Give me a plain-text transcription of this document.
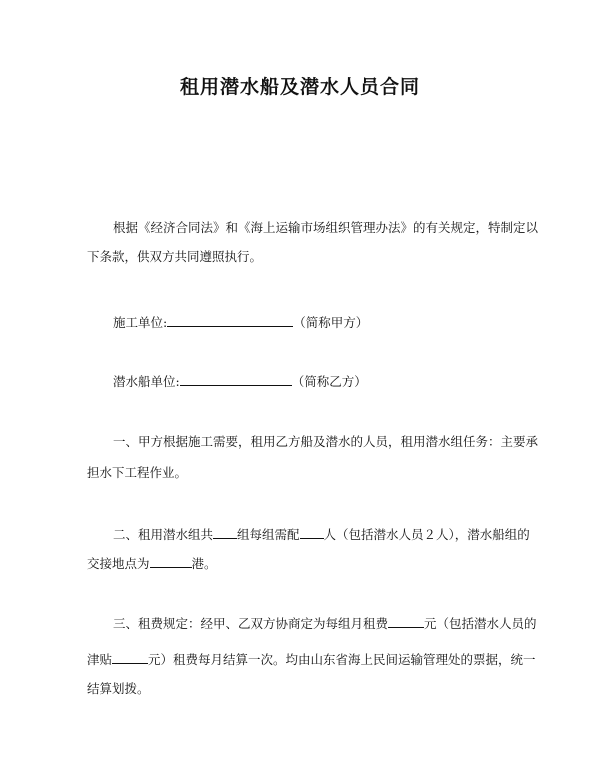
租用潜水船及潜水人员合同
根据《经济合同法》和《海上运输市场组织管理办法》的有关规定，特制定以
下条款，供双方共同遵照执行。
施工单位:	（简称甲方）
潜水船单位:	（简称乙方）
一、甲方根据施工需要，租用乙方船及潜水的人员，租用潜水组任务：主要承
担水下工程作业。
二、租用潜水组共 组每组需配 人（包括潜水人员２人），潜水船组的
交接地点为	港。
三、租费规定：经甲、乙双方协商定为每组月租费	元（包括潜水人员的
津贴	元）租费每月结算一次。均由山东省海上民间运输管理处的票据，统一
结算划拨。
